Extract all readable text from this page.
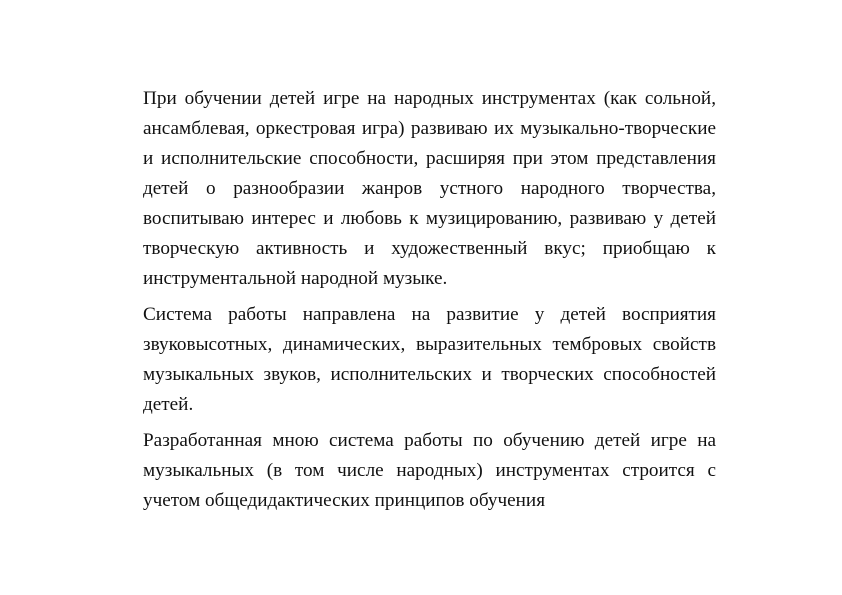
При обучении детей игре на народных инструментах (как сольной, ансамблевая, оркестровая игра) развиваю их музыкально-творческие и исполнительские способности, расширяя при этом представления детей о разнообразии жанров устного народного творчества, воспитываю интерес и любовь к музицированию, развиваю у детей творческую активность и художественный вкус; приобщаю к инструментальной народной музыке.

Система работы направлена на развитие у детей восприятия звуковысотных, динамических, выразительных тембровых свойств музыкальных звуков, исполнительских и творческих способностей детей.

Разработанная мною система работы по обучению детей игре на музыкальных (в том числе народных) инструментах строится с учетом общедидактических принципов обучения
